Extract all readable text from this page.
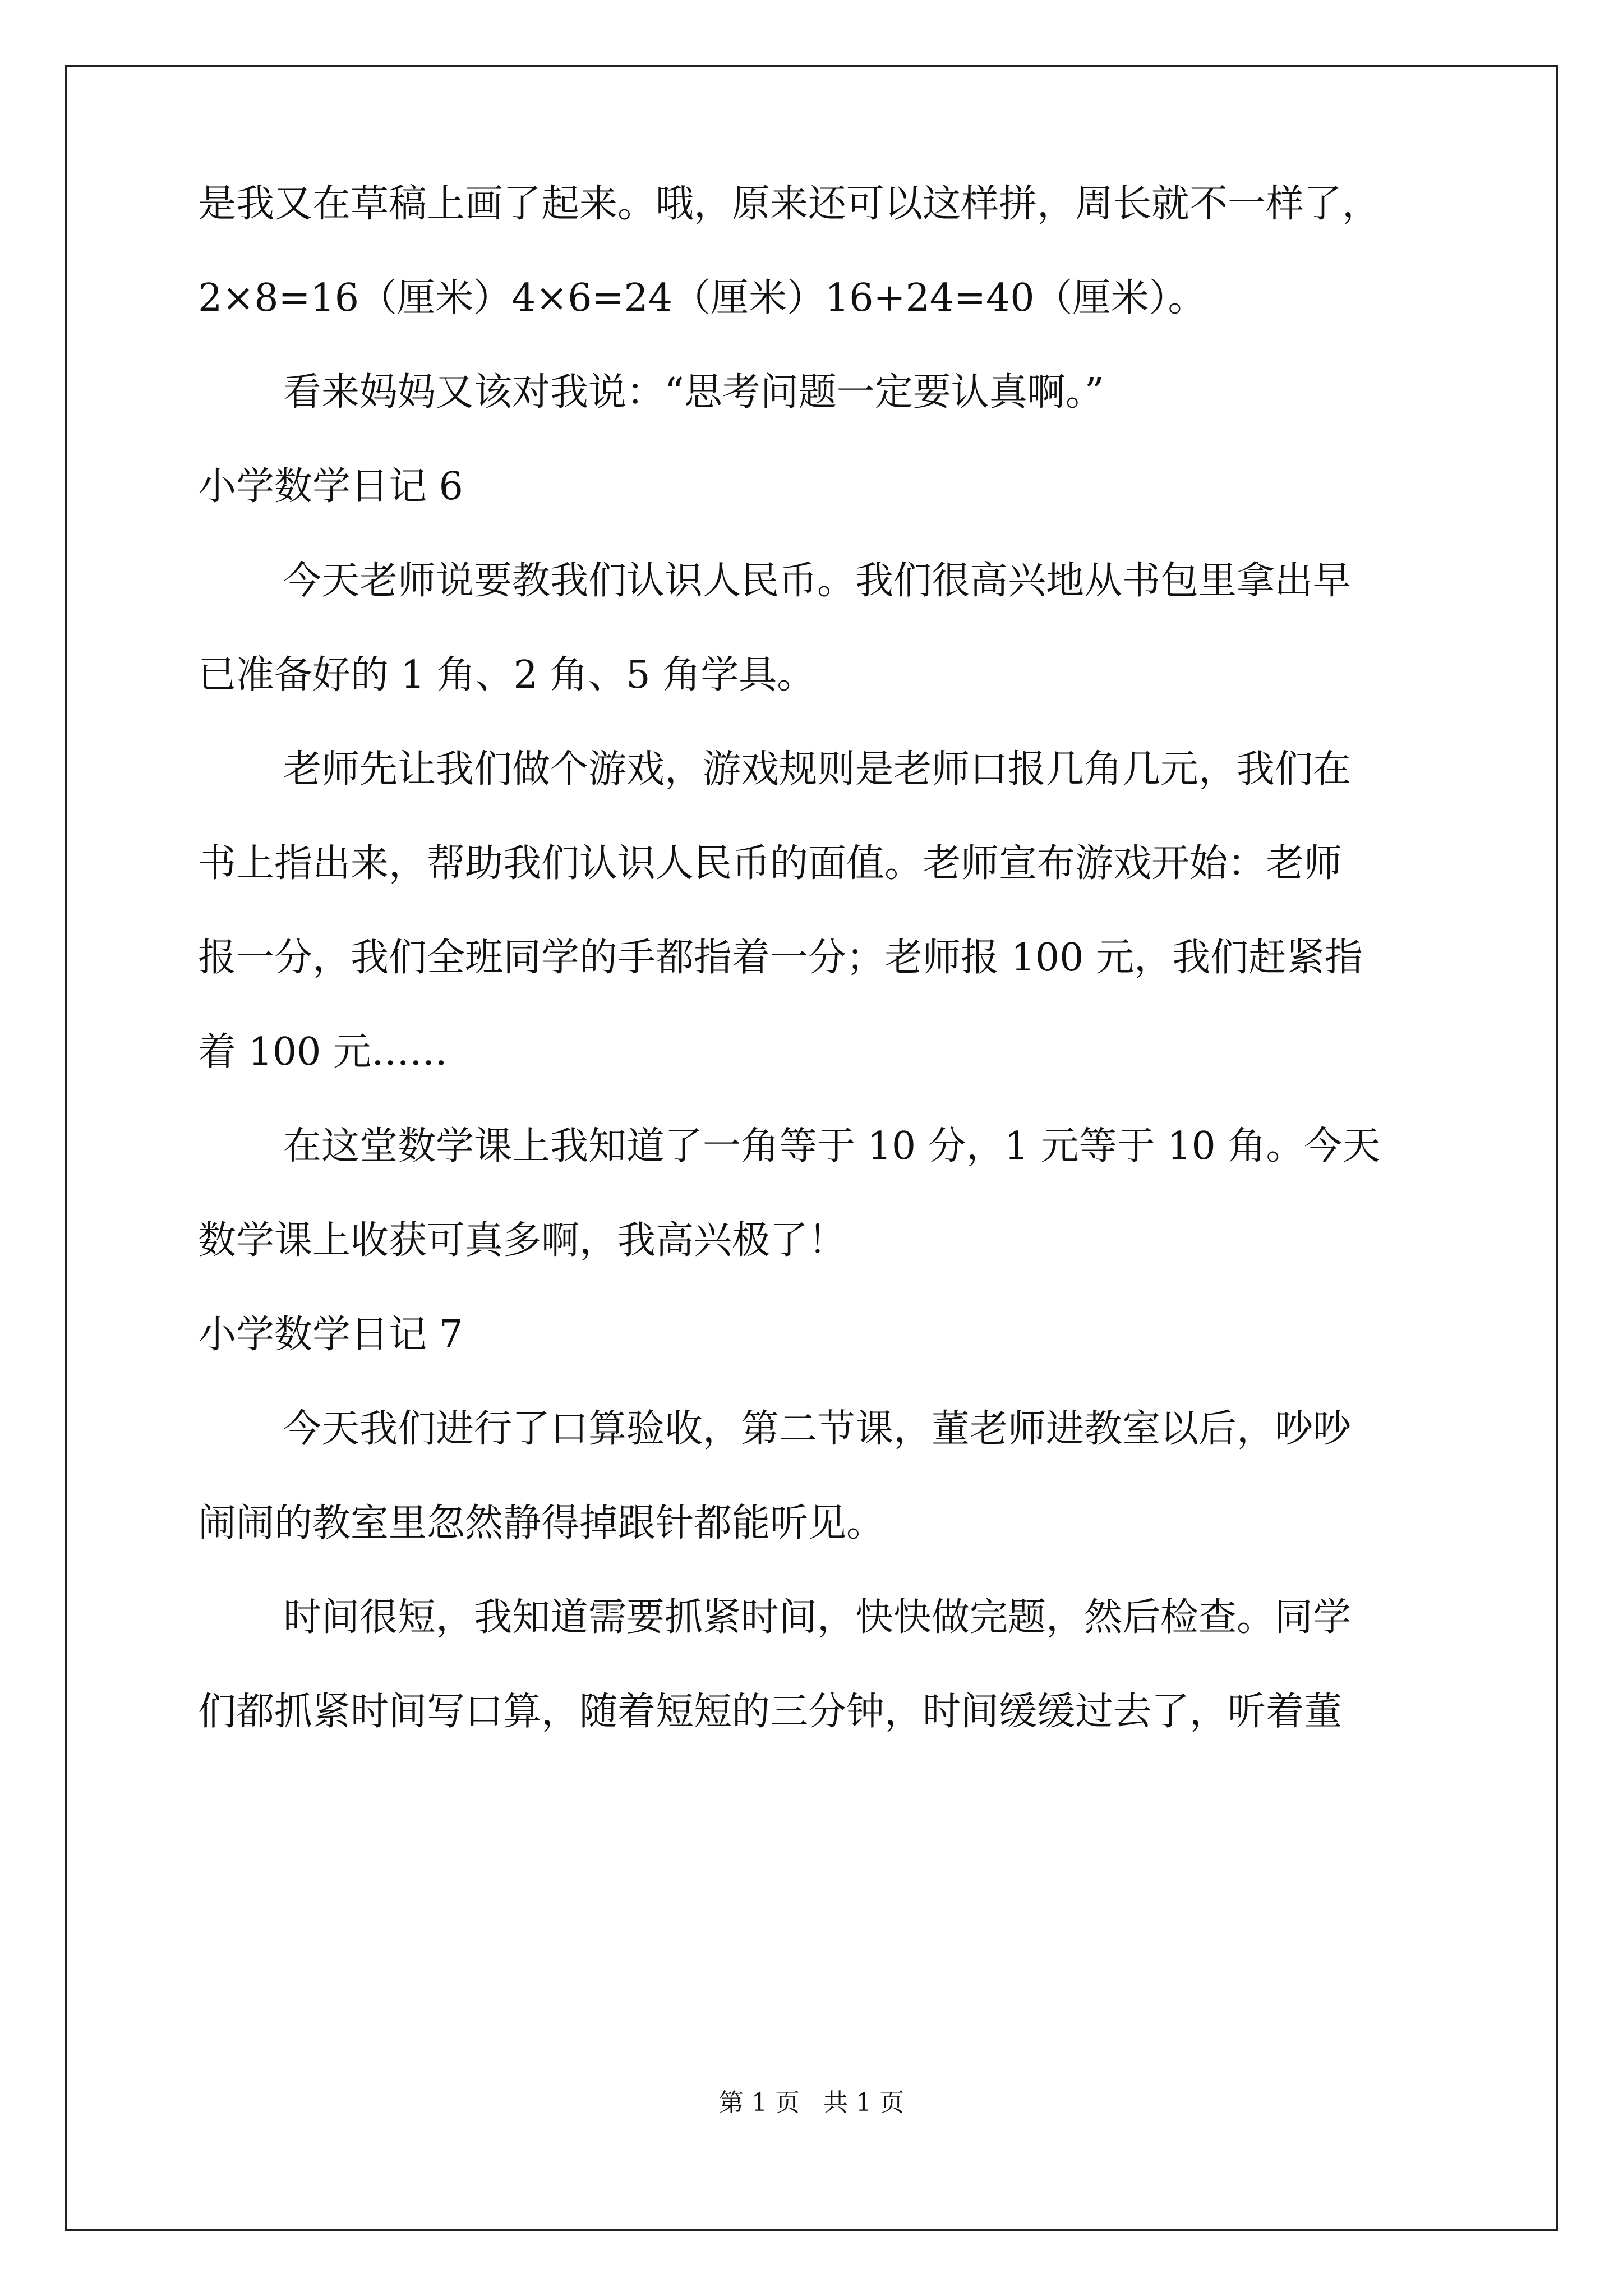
是我又在草稿上画了起来。哦，原来还可以这样拼，周长就不一样了，
2×8=16（厘米）4×6=24（厘米）16+24=40（厘米）。
看来妈妈又该对我说：“思考问题一定要认真啊。”
小学数学日记 6
今天老师说要教我们认识人民币。我们很高兴地从书包里拿出早
已准备好的 1 角、2 角、5 角学具。
老师先让我们做个游戏，游戏规则是老师口报几角几元，我们在
书上指出来，帮助我们认识人民币的面值。老师宣布游戏开始：老师
报一分，我们全班同学的手都指着一分；老师报 100 元，我们赶紧指
着 100 元……
在这堂数学课上我知道了一角等于 10 分，1 元等于 10 角。今天
数学课上收获可真多啊，我高兴极了！
小学数学日记 7
今天我们进行了口算验收，第二节课，董老师进教室以后，吵吵
闹闹的教室里忽然静得掉跟针都能听见。
时间很短，我知道需要抓紧时间，快快做完题，然后检查。同学
们都抓紧时间写口算，随着短短的三分钟，时间缓缓过去了，听着董
第 1 页   共 1 页
